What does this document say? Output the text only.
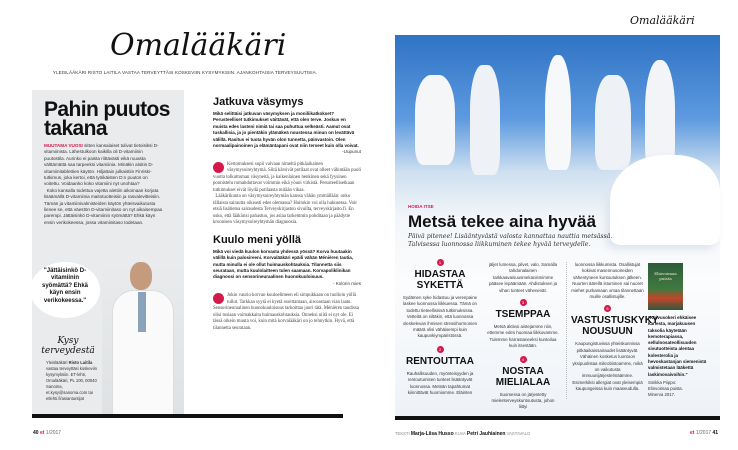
Omalääkäri
YLEISLÄÄKÄRI RISTO LAITILA VASTAA TERVEYTTÄSI KOSKEVIIN KYSYMYKSIIN. AJANKOHTAISIA TERVEYSUUTISIA.
Pahin puutos takana
MUUTAMA VUOSI sitten kansalaiset tulivat tietoisiksi D-vitamiinista. Lähestulkoon kaikilla oli D-vitamiinin puutostila. Aurinko ei paista riittävästi eikä ruuasta välttämättä saa tarpeeksi vitamiinia. Minäkin aloitin D-vitamiinitablettien käytön. Hiljattain julkaistiin Finriski-tutkimus, joka kertoi, että työikäisten D:n puutos on voitettu. Voidaanko koko vitamiini nyt unohtaa?
Koko kansalla todettua vajetta alettiin aikoinaan korjata lisäämällä D-vitamiinia maitotuotteisiin ja rasvalevitteisiin. Tämän ja vitamiinivalmisteiden käytön yhteisvaikutusta lienee se, että väestön D-vitamiinitaso on nyt aikaisempaa parempi. Jättäisinkö D-vitamiinin syömättä? Ehkä käyn ensin verikokeessa, jossa vitamiinitaso todetaan.
"Jättäisinkö D-vitamiinin syömättä? Ehkä käyn ensin verikokeessa."
Kysy terveydestä
Yleislääkäri Risto Laitila vastaa terveyttäsi koskeviin kysymyksiin. ET-lehti, Omalääkäri, PL 100, 00040 Sanoma, et.kysy@sanoma.com tai etlehti.fi/asiantuntijat
Jatkuva väsymys
Mikä selittäisi jatkuvan väsymyksen ja moniliikatkokset? Perusteelliset tutkimukset väittävät, että olen terve. Joskus en muista edes lasteni nimiä tai saa puhuttua selkeästi. Aamut ovat tuskallisia, ja jo pientäkin ylämäkeä noustessa minun on levättävä välillä. Rasitus ei tuota hyvän olon tunnetta, päinvastoin. Olen normaalipainoinen ja elämäntapani ovat niin terveet kuin olla voivat.
-Uupunut
Kertomuksesi sopii valvaan nimeltä pitkäaikainen väsymysoireyhtymä. Siitä kärsivät potilaat ovat olleet vähintään puoli vuotta tolkuttoman väsyneitä, ja kaikenlainen henkinen sekä fyysinen ponnistelu romahduttavat voimmin eikä yöuni virkistä. Perusteellisetkaan tutkimukset eivät löydä potilaasta mitään vikaa.
Lääkärikunta on väsymysoireyhtymän kanssa vähän ymmällään: onko tällaista sairautta oikeasti edes olemassa? Hoitokin voi olla hakusessa. Voit etsiä lisätietoa sairaudesta Terveyskirjaston sivuilta, terveyskirjasto.fi. En usko, että lääkärisi pahastuu, jos asiaa tarkemmin pohditaan ja päädytte kroonisen väsymysoireyhtymän diagnoosia.
Kuulo meni yöllä
Mikä voi viedä kuulon korvasta yhdessä yössä? Korva huutaakin välillä kuin palosireeni. Korvalääkäri epäili vähän Ménièren tautia, mutta minulla ei ole ollut huimauskohtauksia. Tilannetta siis seurataan, mutta kuulolaitteen tulen saamaan. Korvapoliklinikan diagnoosi on sensorineuraalinen huonokuuloisuus.
- Kolorin mies
Jokin vaurio korvan kuuloelimeen eli simpukkaan on tuolloin yöllä tullut. Tarkkaa syytä ei kyetä osoittamaan, aiwoastaan vian laatu. Sensorineuraalinen huonokuuloisuus tarkoittaa juuri tätä. Ménièren taudissa olisi tosiaan voimakkaita huimauskohtauksia. Onneksi niitä ei nyt ole. Ei tässä oikein muuta voi, kuin mitä korvalääkäri on jo tehnytkin. Hyvä, että tilannetta seurataan.
40 et 1/2017
Omalääkäri
HOIDA ITSE
Metsä tekee aina hyvää
Päivä pitenee! Lisääntyvästä valosta kannattaa nauttia metsässä. Talvisessa luonnossa liikkuminen tekee hyvää terveydelle.
1
HIDASTAA SYKETTÄ

Sydämen syke hidastuu ja verenpaine laskee luonnossa liikkuessa. Tämä on todettu tieteellisissä tutkimuksissa. Vetteitä on siltäkin, että luonnossa oleskelevan ihmisen stressihormonien määrä olisi vähäisempi kuin kaupunkiympäristössä.

2
RENTOUTTAA

Rauhallisuuden, myönteisyyden ja rentoutumisen tunteet lisääntyvät luonnossa. Metsän tapahtumat kiinnittävät huomiomme. Eläinten

jäljet lumessa, pilvet, valo. Samalla tahdonalainen tarkkaavaisuusmekanismimme pääsee lepäämään. Ahdistuksen ja vihan tunteet vähenevät.

3
TSEMPPAA

Metsä aktivoi aistejamme niin, ettemme edes huomaa liikkuvamme. Tulemme harrastaneeksi kuntoilua kuin itsestään.

4
NOSTAA MIELIALAA

Suomessa on järjestetty mielenterveyskuntoutusta, johon liittyi

luonnossa liikkumista. Osallistujat kokivat masennusoireiden vähentyneen kuntoutuksen jälkeen. Nuorten äärellä istuminen sai nuoret miehet purkamaan omaa tilannettaan muille osallistujille.

5
VASTUSTUSKYKY NOUSUUN

Kaupungistuvissa yhteiskunnissa pitkäaikaissairaudet lisääntyvät. Vähäinen kosketus luontoon yksipuolistaa mikrobistoamme, mikä on vaikutusta immuunijärjestelmäämme. Esimerkiksi allergiat ovat yleisempiä kaupungeissa kuin maaseudulla.

Elinvoimaa puista
"Koivusokeri ehkäisee kariesta, marjakuusen taksolia käytetään kemoterapiassa, selluloosateollisuuden sivutuotteista alentaa kolesterolia ja hevoskastanjan siemenistä valmistetaan lääkettä laskimovaivoihin."
Sinikka Piippo: Elinvoimaa puista. Minerva 2017.
TEKSTI Marja-Liisa Husso KUVA Petri Jauhiainen VASTAVALO	et 1/2017 41
